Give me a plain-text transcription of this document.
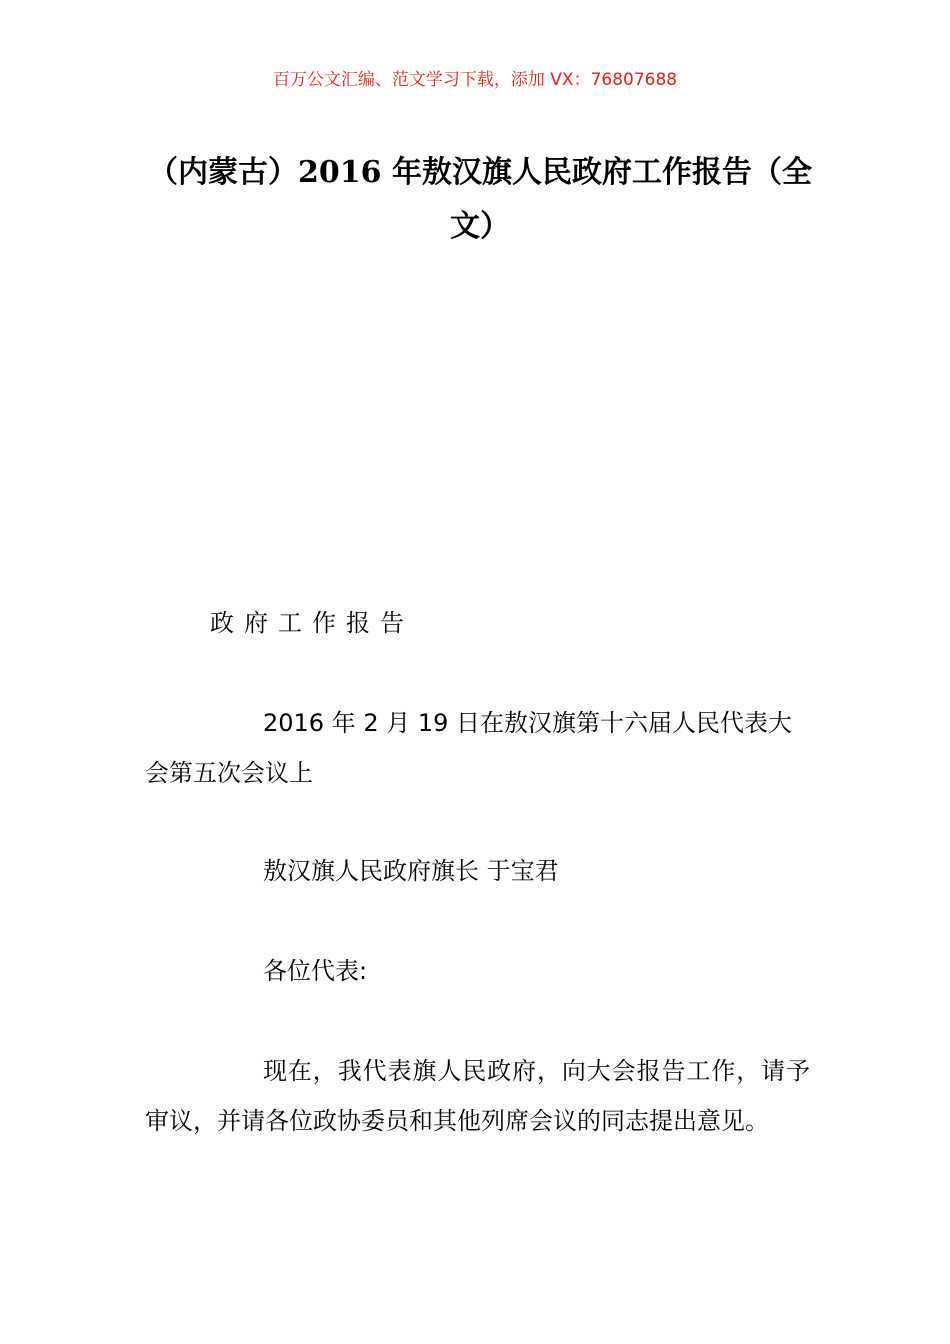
百万公文汇编、范文学习下载，添加 VX：76807688
（内蒙古）2016 年敖汉旗人民政府工作报告（全文）

政府工作报告

2016 年 2 月 19 日在敖汉旗第十六届人民代表大会第五次会议上

敖汉旗人民政府旗长 于宝君

各位代表:

现在，我代表旗人民政府，向大会报告工作，请予审议，并请各位政协委员和其他列席会议的同志提出意见。
